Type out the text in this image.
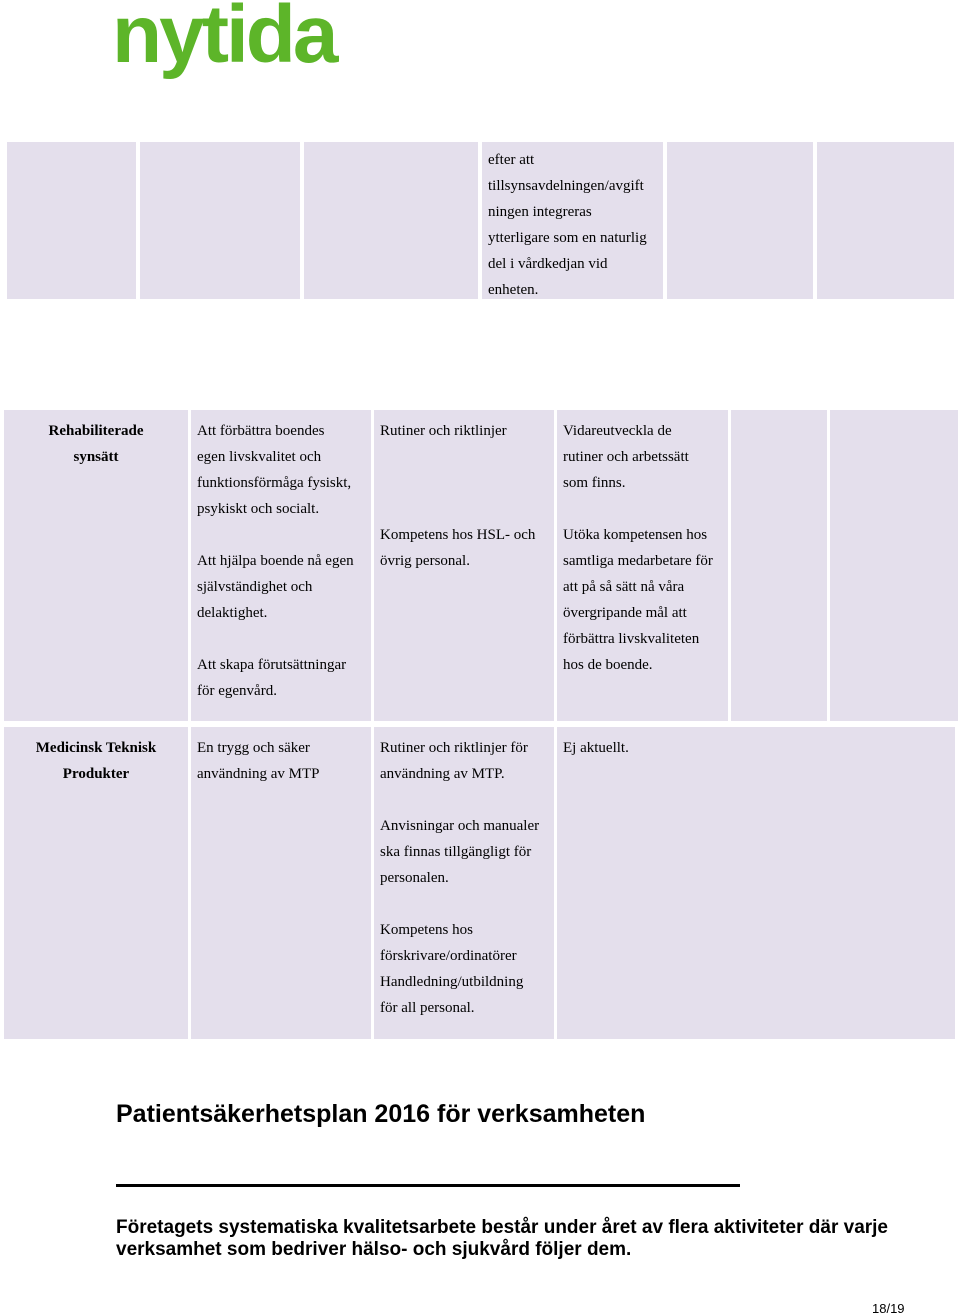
nytida
efter att
tillsynsavdelningen/avgift
ningen integreras
ytterligare som en naturlig
del i vårdkedjan vid
enheten.
Rehabiliterade
synsätt
Att förbättra boendes
egen livskvalitet och
funktionsförmåga fysiskt,
psykiskt och socialt.
Att hjälpa boende nå egen
självständighet och
delaktighet.
Att skapa förutsättningar
för egenvård.
Rutiner och riktlinjer
Kompetens hos HSL- och
övrig personal.
Vidareutveckla de
rutiner och arbetssätt
som finns.
Utöka kompetensen hos
samtliga medarbetare för
att på så sätt nå våra
övergripande mål att
förbättra livskvaliteten
hos de boende.
Medicinsk Teknisk
Produkter
En trygg och säker
användning av MTP
Rutiner och riktlinjer för
användning av MTP.
Anvisningar och manualer
ska finnas tillgängligt för
personalen.
Kompetens hos
förskrivare/ordinatörer
Handledning/utbildning
för all personal.
Ej aktuellt.
Patientsäkerhetsplan 2016 för verksamheten
Företagets systematiska kvalitetsarbete består under året av flera aktiviteter där varje verksamhet som bedriver hälso- och sjukvård följer dem.
18/19
